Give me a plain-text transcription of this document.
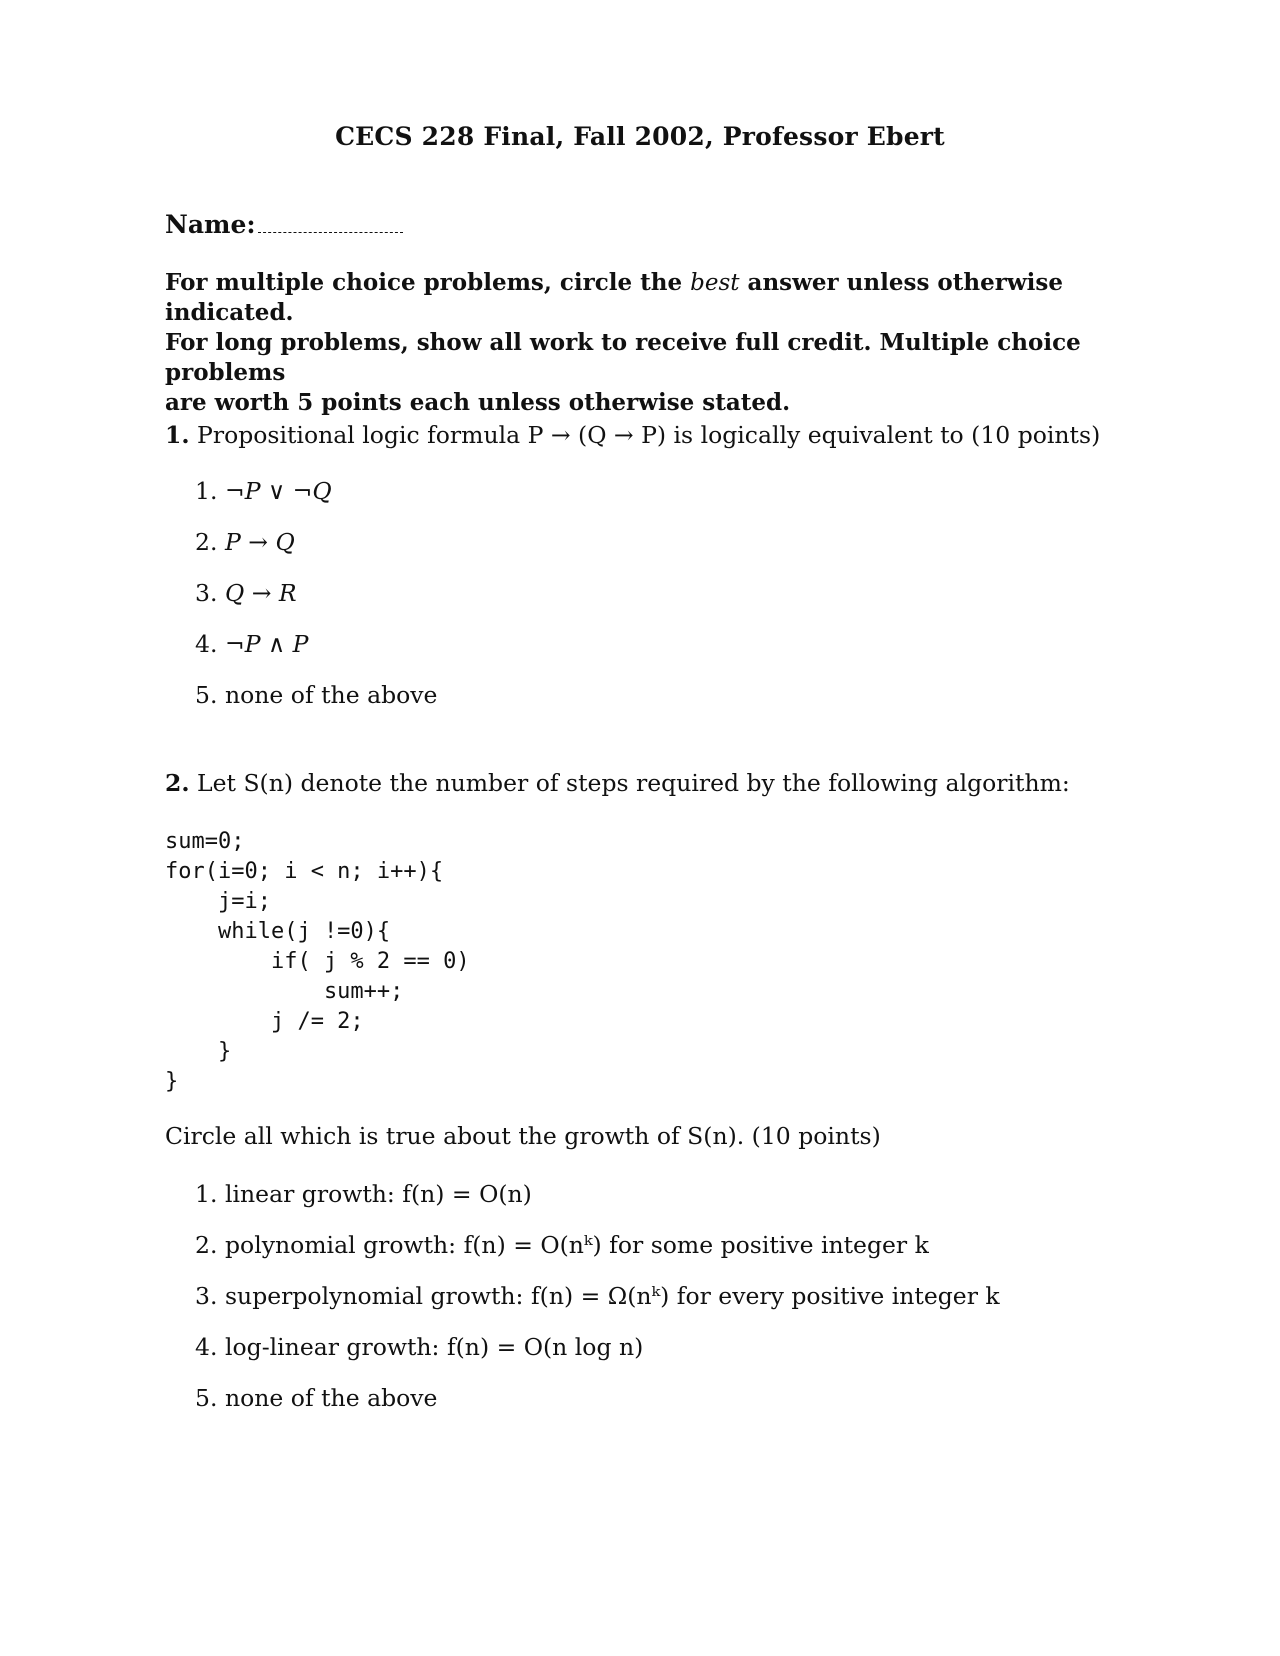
CECS 228 Final, Fall 2002, Professor Ebert
Name:
For multiple choice problems, circle the best answer unless otherwise indicated.
For long problems, show all work to receive full credit. Multiple choice problems
are worth 5 points each unless otherwise stated.
1. Propositional logic formula P → (Q → P) is logically equivalent to (10 points)
1. ¬P ∨ ¬Q
2. P → Q
3. Q → R
4. ¬P ∧ P
5. none of the above
2. Let S(n) denote the number of steps required by the following algorithm:
sum=0;
for(i=0; i < n; i++){
j=i;
while(j !=0){
if( j % 2 == 0)
sum++;
j /= 2;
}
}
Circle all which is true about the growth of S(n). (10 points)
1. linear growth: f(n) = O(n)
2. polynomial growth: f(n) = O(nᵏ) for some positive integer k
3. superpolynomial growth: f(n) = Ω(nᵏ) for every positive integer k
4. log-linear growth: f(n) = O(n log n)
5. none of the above
